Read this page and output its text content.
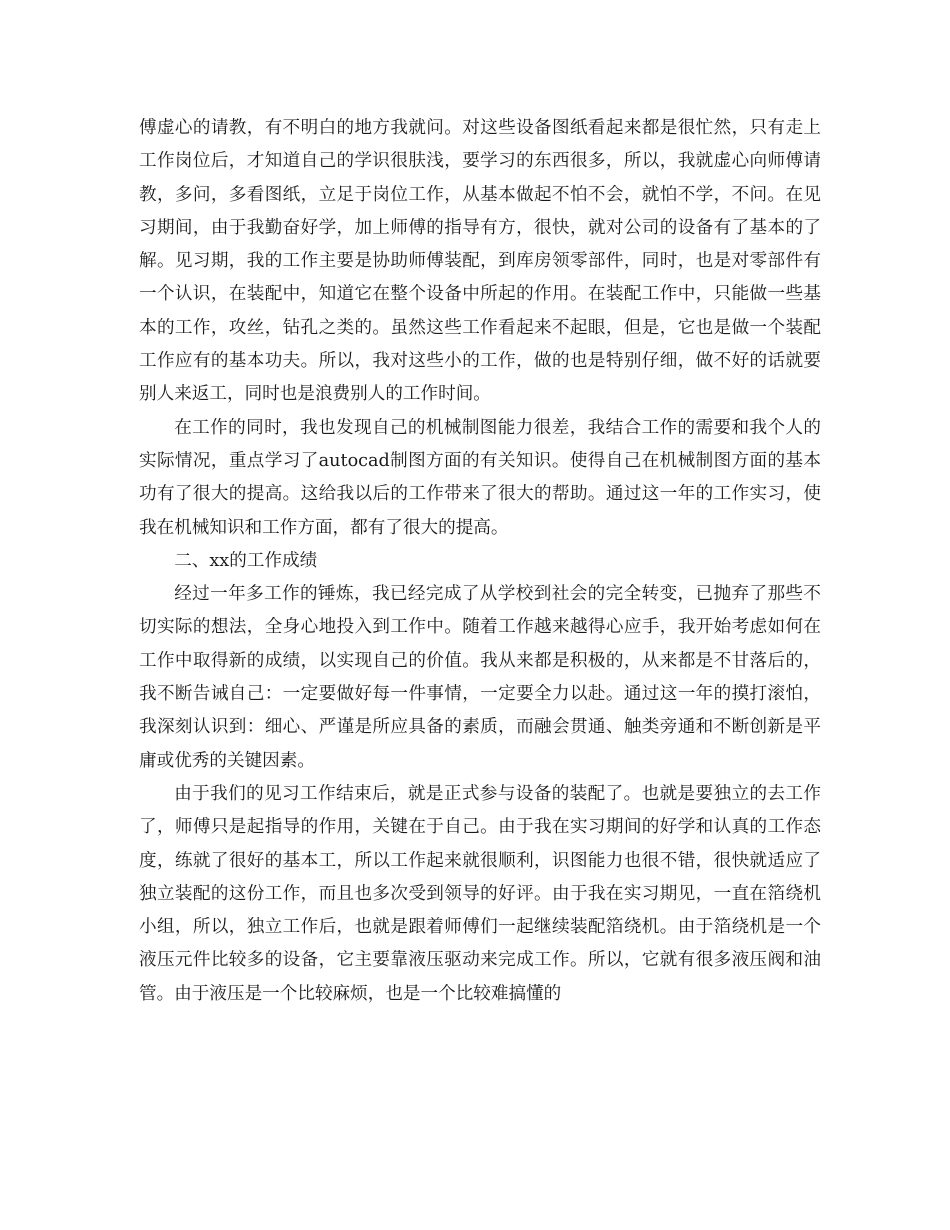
傅虚心的请教，有不明白的地方我就问。对这些设备图纸看起来都是很忙然，只有走上工作岗位后，才知道自己的学识很肤浅，要学习的东西很多，所以，我就虚心向师傅请教，多问，多看图纸，立足于岗位工作，从基本做起不怕不会，就怕不学，不问。在见习期间，由于我勤奋好学，加上师傅的指导有方，很快，就对公司的设备有了基本的了解。见习期，我的工作主要是协助师傅装配，到库房领零部件，同时，也是对零部件有一个认识，在装配中，知道它在整个设备中所起的作用。在装配工作中，只能做一些基本的工作，攻丝，钻孔之类的。虽然这些工作看起来不起眼，但是，它也是做一个装配工作应有的基本功夫。所以，我对这些小的工作，做的也是特别仔细，做不好的话就要别人来返工，同时也是浪费别人的工作时间。

在工作的同时，我也发现自己的机械制图能力很差，我结合工作的需要和我个人的实际情况，重点学习了autocad制图方面的有关知识。使得自己在机械制图方面的基本功有了很大的提高。这给我以后的工作带来了很大的帮助。通过这一年的工作实习，使我在机械知识和工作方面，都有了很大的提高。

二、xx的工作成绩

经过一年多工作的锤炼，我已经完成了从学校到社会的完全转变，已抛弃了那些不切实际的想法，全身心地投入到工作中。随着工作越来越得心应手，我开始考虑如何在工作中取得新的成绩，以实现自己的价值。我从来都是积极的，从来都是不甘落后的，我不断告诫自己：一定要做好每一件事情，一定要全力以赴。通过这一年的摸打滚怕，我深刻认识到：细心、严谨是所应具备的素质，而融会贯通、触类旁通和不断创新是平庸或优秀的关键因素。

由于我们的见习工作结束后，就是正式参与设备的装配了。也就是要独立的去工作了，师傅只是起指导的作用，关键在于自己。由于我在实习期间的好学和认真的工作态度，练就了很好的基本工，所以工作起来就很顺利，识图能力也很不错，很快就适应了独立装配的这份工作，而且也多次受到领导的好评。由于我在实习期见，一直在箔绕机小组，所以，独立工作后，也就是跟着师傅们一起继续装配箔绕机。由于箔绕机是一个液压元件比较多的设备，它主要靠液压驱动来完成工作。所以，它就有很多液压阀和油管。由于液压是一个比较麻烦，也是一个比较难搞懂的
